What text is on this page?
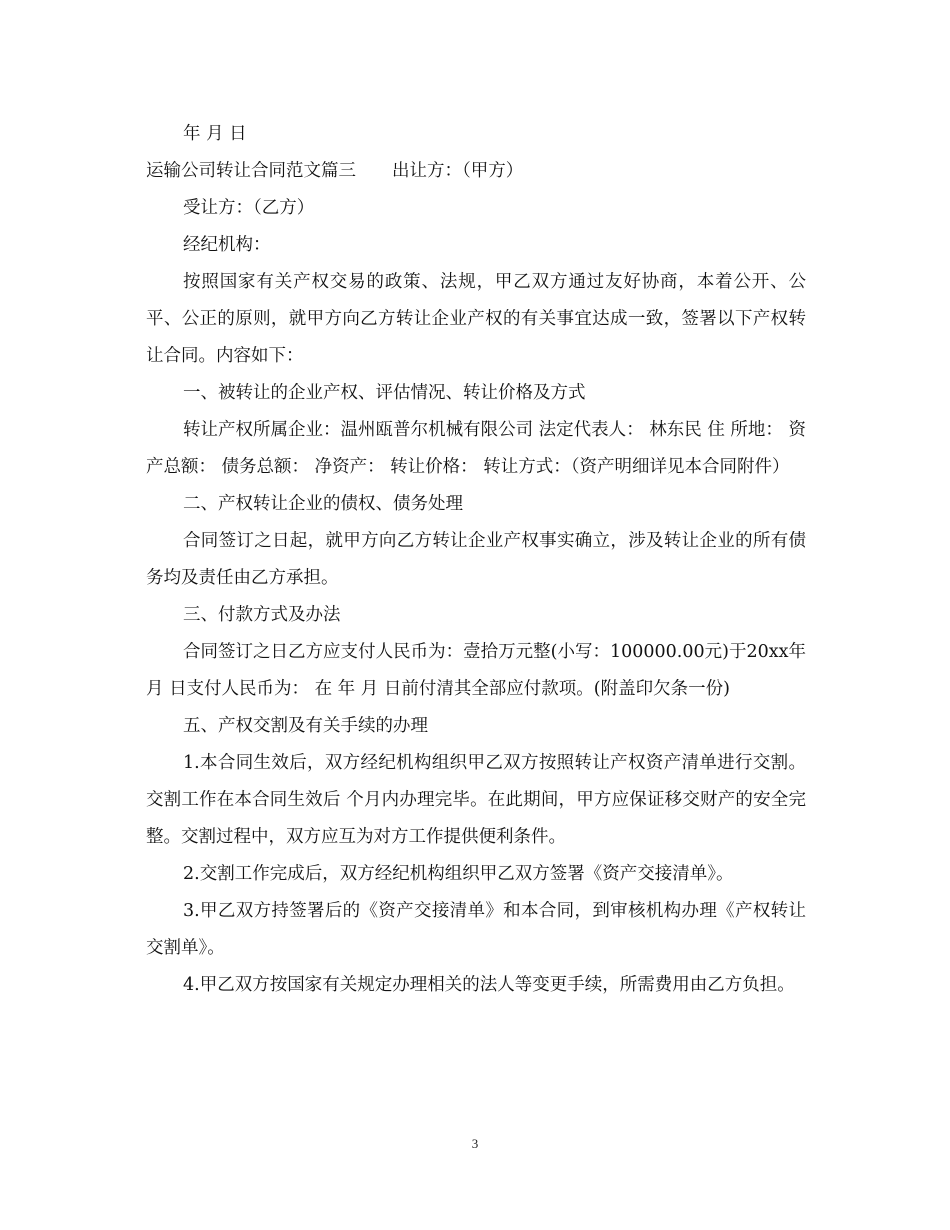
年 月 日
运输公司转让合同范文篇三 出让方：（甲方）
受让方：（乙方）
经纪机构：
按照国家有关产权交易的政策、法规，甲乙双方通过友好协商，本着公开、公平、公正的原则，就甲方向乙方转让企业产权的有关事宜达成一致，签署以下产权转让合同。内容如下：
一、被转让的企业产权、评估情况、转让价格及方式
转让产权所属企业：温州瓯普尔机械有限公司 法定代表人： 林东民 住 所地： 资产总额： 债务总额： 净资产： 转让价格： 转让方式：（资产明细详见本合同附件）
二、产权转让企业的债权、债务处理
合同签订之日起，就甲方向乙方转让企业产权事实确立，涉及转让企业的所有债务均及责任由乙方承担。
三、付款方式及办法
合同签订之日乙方应支付人民币为：壹拾万元整(小写：100000.00元)于20xx年 月 日支付人民币为： 在 年 月 日前付清其全部应付款项。(附盖印欠条一份)
五、产权交割及有关手续的办理
1.本合同生效后，双方经纪机构组织甲乙双方按照转让产权资产清单进行交割。交割工作在本合同生效后 个月内办理完毕。在此期间，甲方应保证移交财产的安全完整。交割过程中，双方应互为对方工作提供便利条件。
2.交割工作完成后，双方经纪机构组织甲乙双方签署《资产交接清单》。
3.甲乙双方持签署后的《资产交接清单》和本合同，到审核机构办理《产权转让交割单》。
4.甲乙双方按国家有关规定办理相关的法人等变更手续，所需费用由乙方负担。
3
